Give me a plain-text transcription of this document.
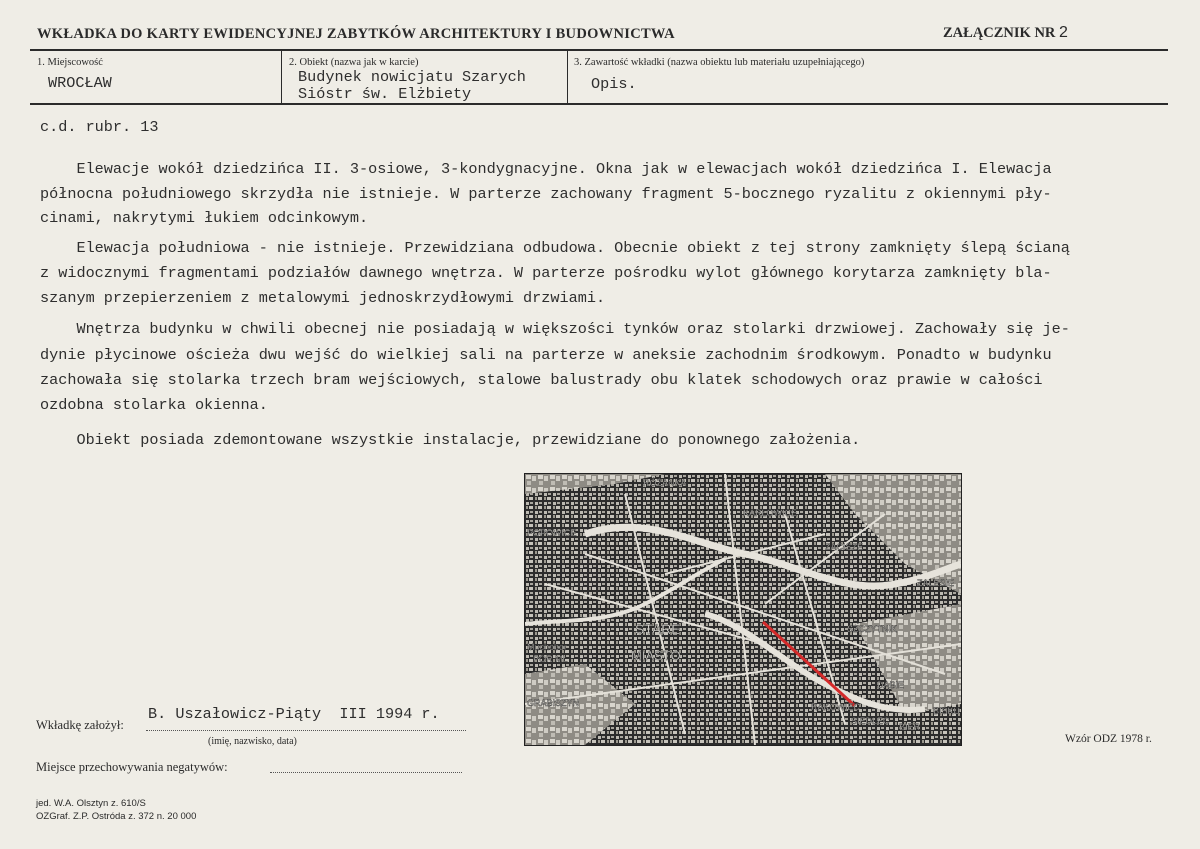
WKŁADKA DO KARTY EWIDENCYJNEJ ZABYTKÓW ARCHITEKTURY I BUDOWNICTWA	ZAŁĄCZNIK NR 2
1. Miejscowość
WROCŁAW
2. Obiekt (nazwa jak w karcie)
Budynek nowicjatu Szarych
Sióstr św. Elżbiety
3. Zawartość wkładki (nazwa obiektu lub materiału uzupełniającego)
Opis.
c.d. rubr. 13
Elewacje wokół dziedzińca II. 3-osiowe, 3-kondygnacyjne. Okna jak w elewacjach wokół dziedzińca I. Elewacja
północna południowego skrzydła nie istnieje. W parterze zachowany fragment 5-bocznego ryzalitu z okiennymi pły-
cinami, nakrytymi łukiem odcinkowym.
Elewacja południowa - nie istnieje. Przewidziana odbudowa. Obecnie obiekt z tej strony zamknięty ślepą ścianą
z widocznymi fragmentami podziałów dawnego wnętrza. W parterze pośrodku wylot głównego korytarza zamknięty bla-
szanym przepierzeniem z metalowymi jednoskrzydłowymi drzwiami.
Wnętrza budynku w chwili obecnej nie posiadają w większości tynków oraz stolarki drzwiowej. Zachowały się je-
dynie płycinowe ościeża dwu wejść do wielkiej sali na parterze w aneksie zachodnim środkowym. Ponadto w budynku
zachowała się stolarka trzech bram wejściowych, stalowe balustrady obu klatek schodowych oraz prawie w całości
ozdobna stolarka okienna.
Obiekt posiada zdemontowane wszystkie instalacje, przewidziane do ponownego założenia.
RÓŻANKA
KARŁOWICE
POPOWICE
ZACISZE
ZALESIE
STARE
MIASTO
SZCZYTNIK
Muchobor
POR ML
DĄBIE
GRABISZYN	RAKOWIEC
SIEDLEC
BIER
BISKU
Wkładkę założył:
B. Uszałowicz-Piąty  III 1994 r.
(imię, nazwisko, data)
Miejsce przechowywania negatywów:
Wzór ODZ 1978 r.
jed. W.A. Olsztyn z. 610/S
OZGraf. Z.P. Ostróda z. 372 n. 20 000
